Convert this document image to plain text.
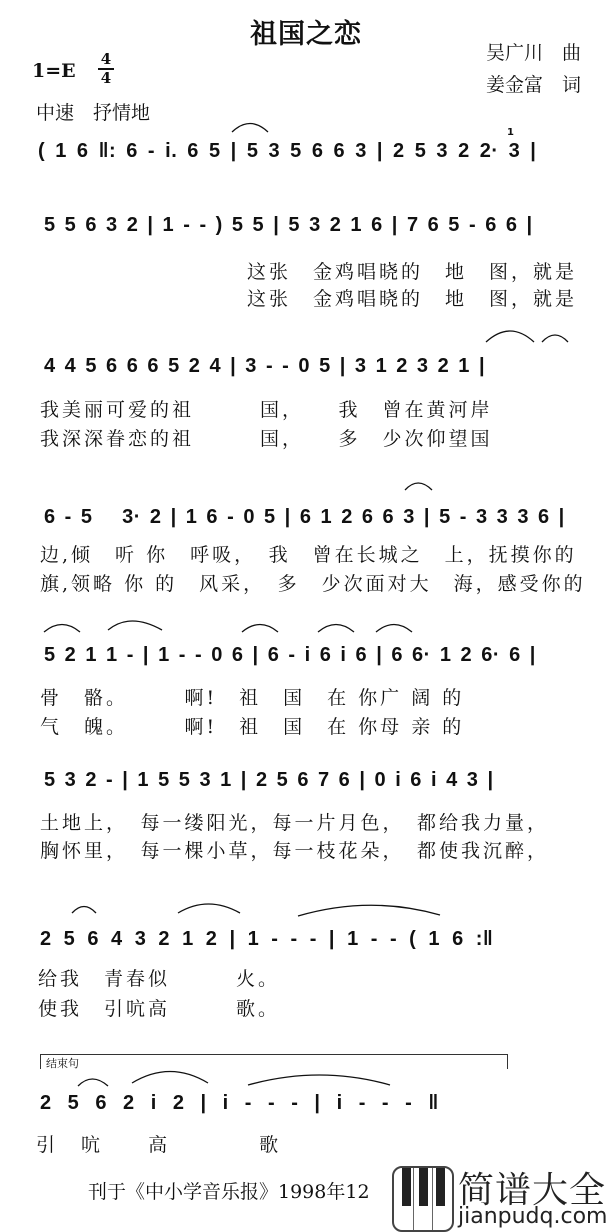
祖国之恋
吴广川　曲
姜金富　词
1=E
4
4
中速　抒情地
( 1 6 ‖: 6 - i. 6 5 | 5 3 5 6 6 3 | 2 5 3 2 2· 3 |
1
5 5 6 3 2 | 1 - - ) 5 5 | 5 3 2 1 6 | 7 6 5 - 6 6 |
这张　金鸡唱晓的　地　图，就是
这张　金鸡唱晓的　地　图，就是
4 4 5 6 6 6 5 2 4 | 3 - - 0 5 | 3 1 2 3 2 1 |
我美丽可爱的祖　　　国，　　我　曾在黄河岸
我深深眷恋的祖　　　国，　　多　少次仰望国
6 - 5　 3· 2 | 1 6 - 0 5 | 6 1 2 6 6 3 | 5 - 3 3 3 6 |
边,倾　听 你　呼吸，　我　曾在长城之　上，抚摸你的
旗,领略 你 的　风采，　多　少次面对大　海，感受你的
5 2 1 1 - | 1 - - 0 6 | 6 - i 6 i 6 | 6 6· 1 2 6· 6 |
骨　骼。　　　啊!　祖　国　在 你广 阔 的
气　魄。　　　啊!　祖　国　在 你母 亲 的
5 3 2 - | 1 5 5 3 1 | 2 5 6 7 6 | 0 i 6 i 4 3 |
土地上，　每一缕阳光，每一片月色，　都给我力量，
胸怀里，　每一棵小草，每一枝花朵，　都使我沉醉，
2 5 6 4 3 2 1 2 | 1 - - - | 1 - - ( 1 6 :‖
给我　青春似　　　火。
使我　引吭高　　　歌。
结束句
2 5 6 2 i 2 | i - - - | i - - - ‖
引 吭　 高　　　 歌
刊于《中小学音乐报》1998年12 简谱大全
jianpudq.com
